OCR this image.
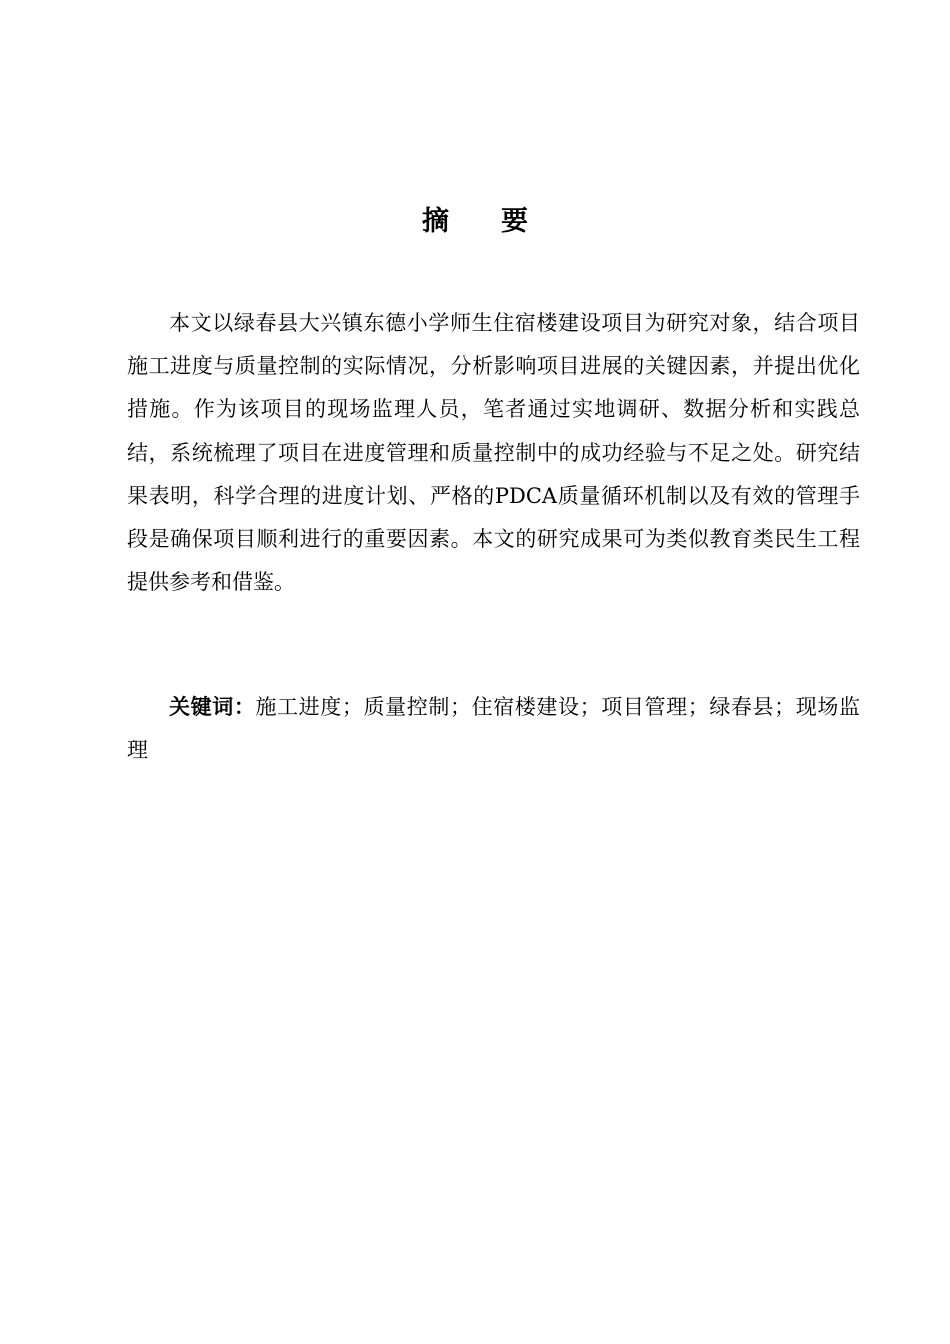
摘 要

本文以绿春县大兴镇东德小学师生住宿楼建设项目为研究对象，结合项目施工进度与质量控制的实际情况，分析影响项目进展的关键因素，并提出优化措施。作为该项目的现场监理人员，笔者通过实地调研、数据分析和实践总结，系统梳理了项目在进度管理和质量控制中的成功经验与不足之处。研究结果表明，科学合理的进度计划、严格的PDCA质量循环机制以及有效的管理手段是确保项目顺利进行的重要因素。本文的研究成果可为类似教育类民生工程提供参考和借鉴。

关键词：施工进度；质量控制；住宿楼建设；项目管理；绿春县；现场监理
